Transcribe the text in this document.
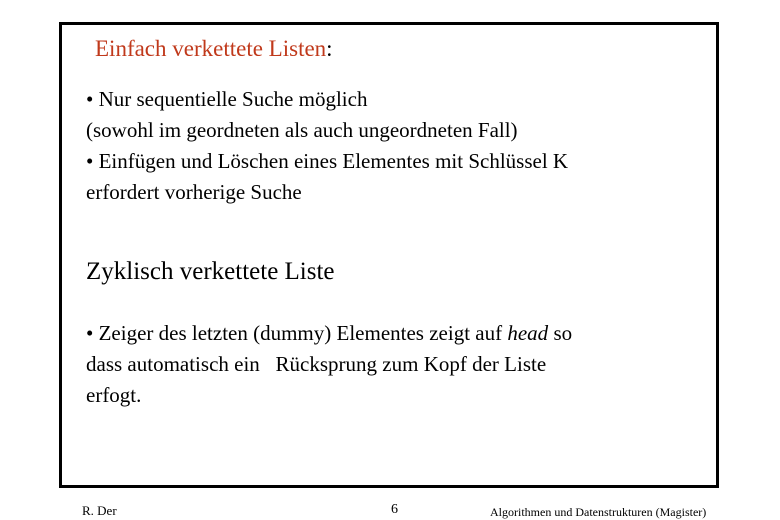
Einfach verkettete Listen:
• Nur sequentielle Suche möglich
(sowohl im geordneten als auch ungeordneten Fall)
• Einfügen und Löschen eines Elementes mit Schlüssel K
erfordert vorherige Suche
Zyklisch verkettete Liste
• Zeiger des letzten (dummy) Elementes zeigt auf head so
dass automatisch ein   Rücksprung zum Kopf der Liste
erfogt.
R. Der	6	Algorithmen und Datenstrukturen (Magister)
